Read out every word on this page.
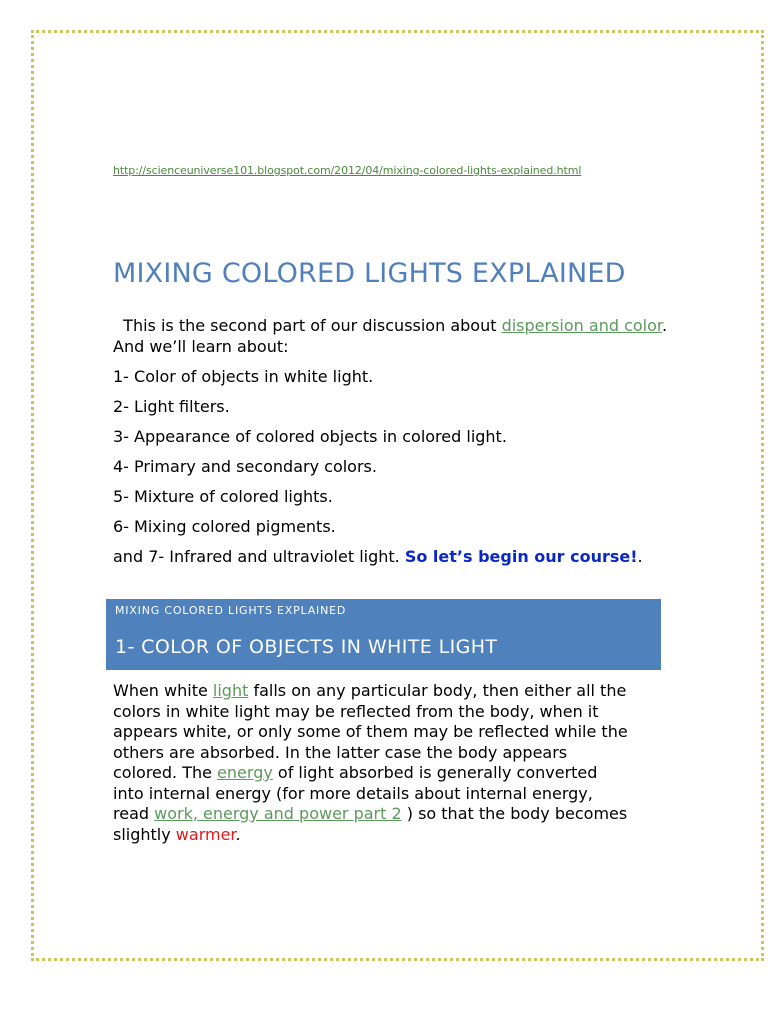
http://scienceuniverse101.blogspot.com/2012/04/mixing-colored-lights-explained.html
MIXING COLORED LIGHTS EXPLAINED
This is the second part of our discussion about dispersion and color. And we’ll learn about:
1- Color of objects in white light.
2- Light filters.
3- Appearance of colored objects in colored light.
4- Primary and secondary colors.
5- Mixture of colored lights.
6- Mixing colored pigments.
and 7- Infrared and ultraviolet light. So let’s begin our course!.
MIXING COLORED LIGHTS EXPLAINED
1- COLOR OF OBJECTS IN WHITE LIGHT
When white light falls on any particular body, then either all the colors in white light may be reflected from the body, when it appears white, or only some of them may be reflected while the others are absorbed. In the latter case the body appears colored. The energy of light absorbed is generally converted into internal energy (for more details about internal energy, read work, energy and power part 2 ) so that the body becomes slightly warmer.
